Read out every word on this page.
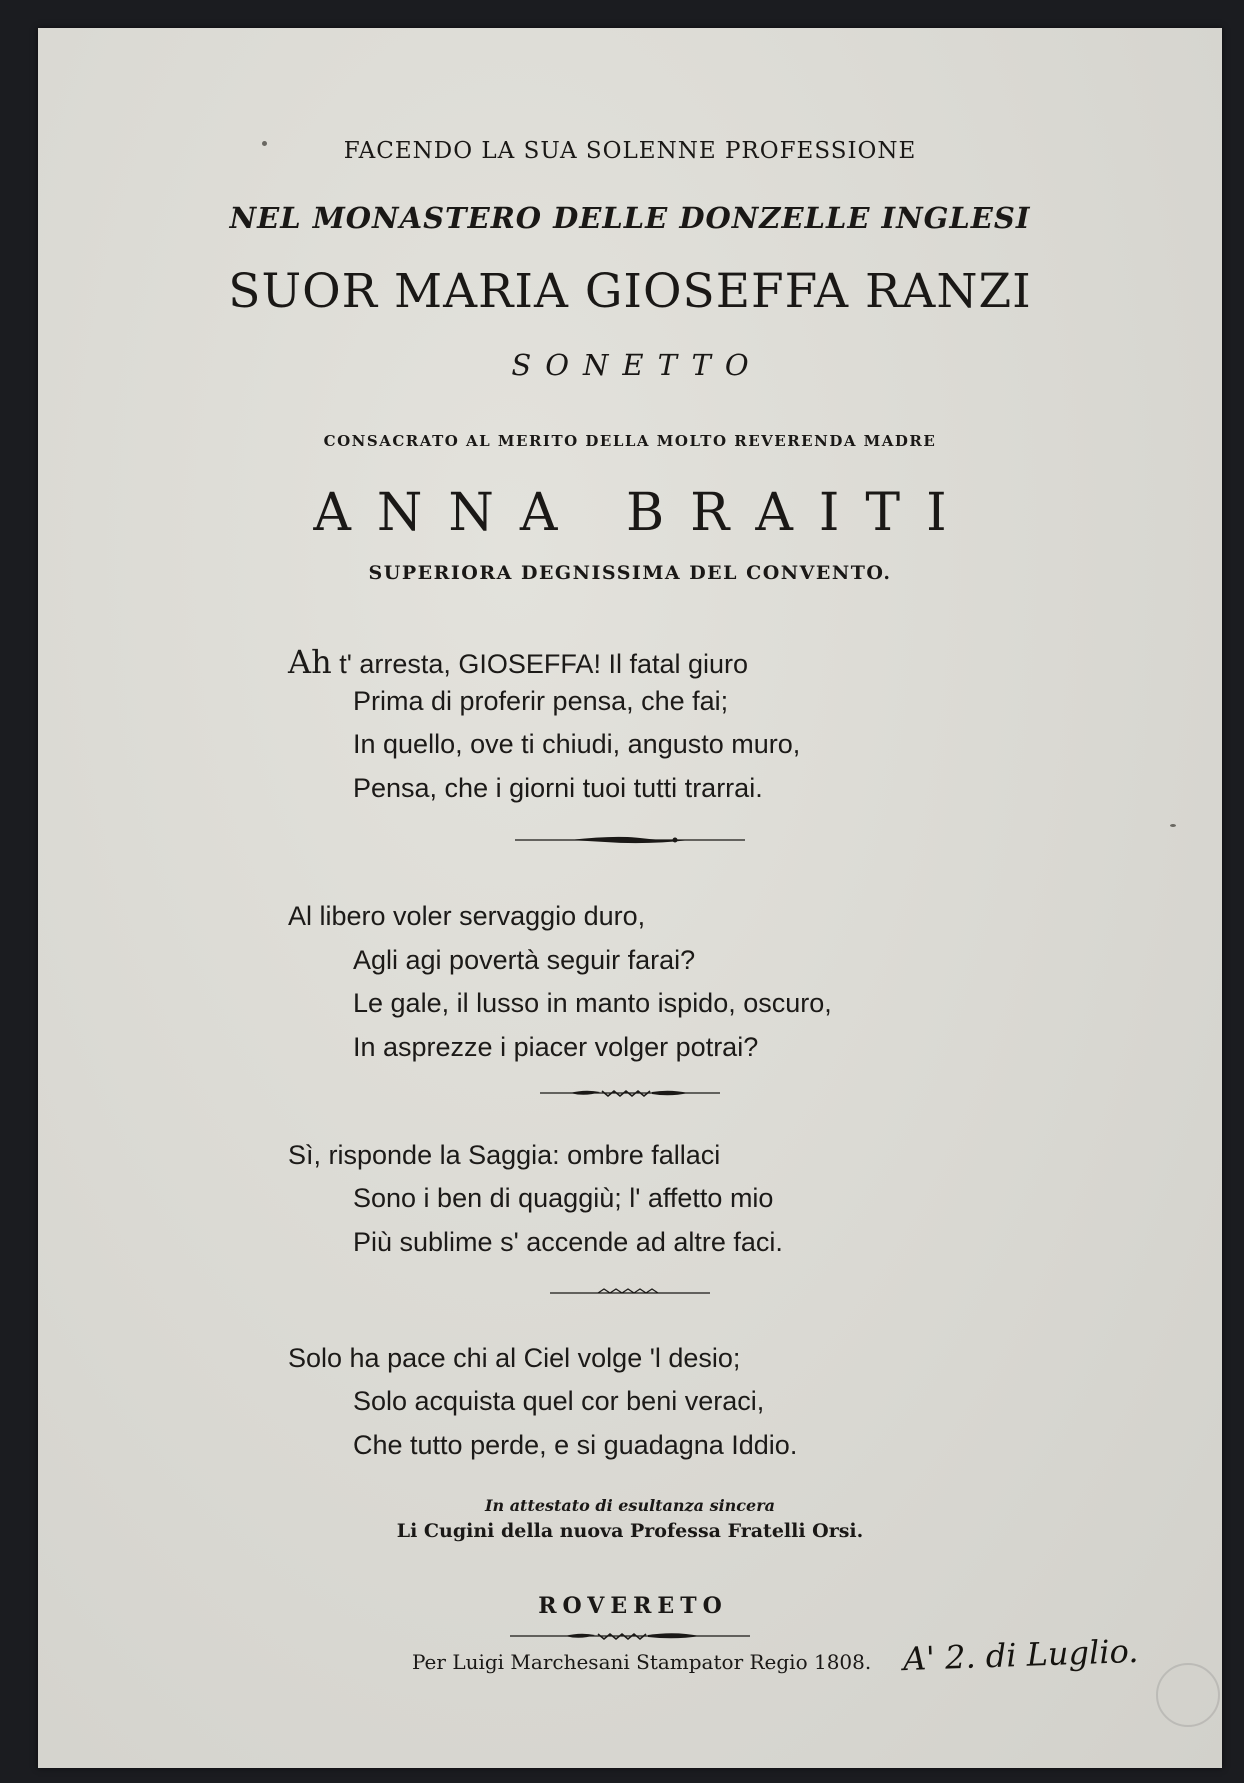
FACENDO LA SUA SOLENNE PROFESSIONE
NEL MONASTERO DELLE DONZELLE INGLESI
SUOR MARIA GIOSEFFA RANZI
SONETTO
CONSACRATO AL MERITO DELLA MOLTO REVERENDA MADRE
ANNA BRAITI
SUPERIORA DEGNISSIMA DEL CONVENTO.
Ah t' arresta, GIOSEFFA! Il fatal giuro
Prima di proferir pensa, che fai;
In quello, ove ti chiudi, angusto muro,
Pensa, che i giorni tuoi tutti trarrai.
Al libero voler servaggio duro,
Agli agi povertà seguir farai?
Le gale, il lusso in manto ispido, oscuro,
In asprezze i piacer volger potrai?
Sì, risponde la Saggia: ombre fallaci
Sono i ben di quaggiù; l' affetto mio
Più sublime s' accende ad altre faci.
Solo ha pace chi al Ciel volge 'l desio;
Solo acquista quel cor beni veraci,
Che tutto perde, e si guadagna Iddio.
In attestato di esultanza sincera
Li Cugini della nuova Professa Fratelli Orsi.
ROVERETO
Per Luigi Marchesani Stampator Regio 1808. A' 2. di Luglio.
